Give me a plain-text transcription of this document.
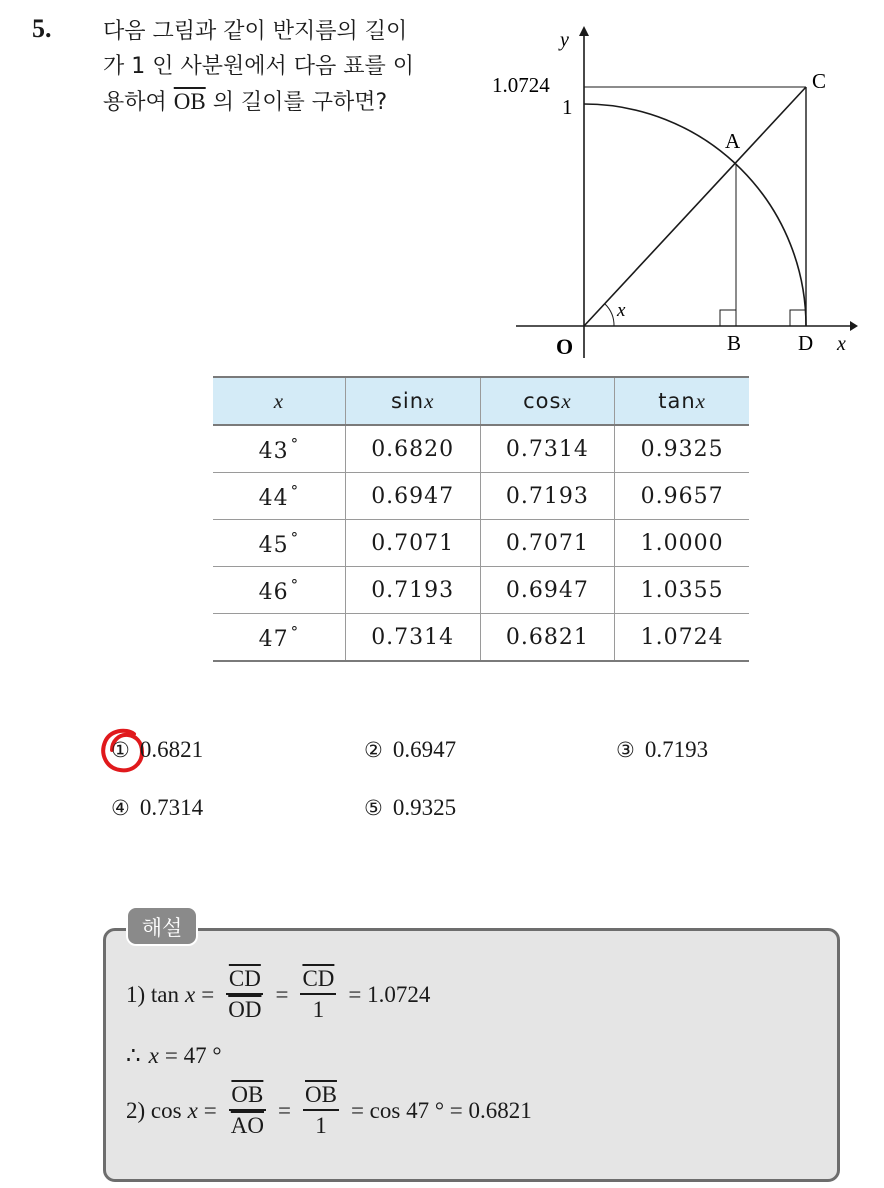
5. 다음 그림과 같이 반지름의 길이
가 1 인 사분원에서 다음 표를 이
용하여 $\overline{OB}$ 의 길이를 구하면?
y
x
1.0724
1
C
A
O	B	D
x
x	sinx	cosx	tanx
43 °	0.6820	0.7314	0.9325
44 °	0.6947	0.7193	0.9657
45 °	0.7071	0.7071	1.0000
46 °	0.7193	0.6947	1.0355
47 °	0.7314	0.6821	1.0724
① 0.6821	② 0.6947	③ 0.7193
④ 0.7314	⑤ 0.9325
해설
1) $\tan x = \frac{\overline{CD}}{OD} = \frac{\overline{CD}}{1} = 1.0724$
∴ x = 47 °
2) $\cos x = \frac{\overline{OB}}{AO} = \frac{\overline{OB}}{1} = \cos 47$ ° = 0.6821
